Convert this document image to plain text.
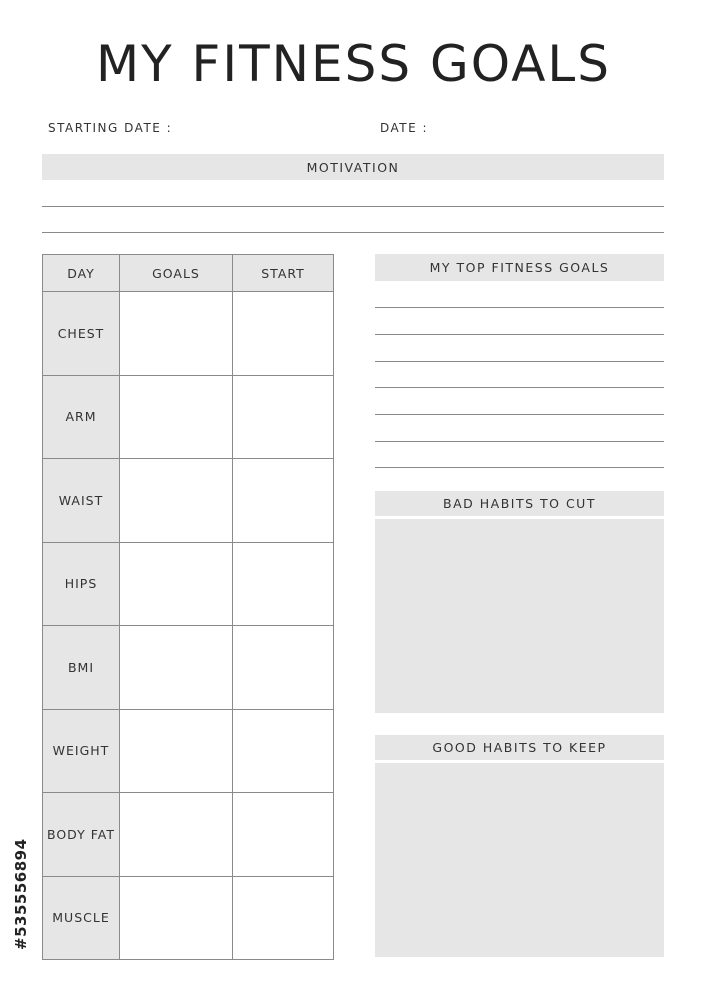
MY FITNESS GOALS
STARTING DATE :	DATE :
MOTIVATION
DAY	GOALS	START
CHEST		
ARM		
WAIST		
HIPS		
BMI		
WEIGHT		
BODY FAT		
MUSCLE		
MY TOP FITNESS GOALS
BAD HABITS TO CUT
GOOD HABITS TO KEEP
#535556894
